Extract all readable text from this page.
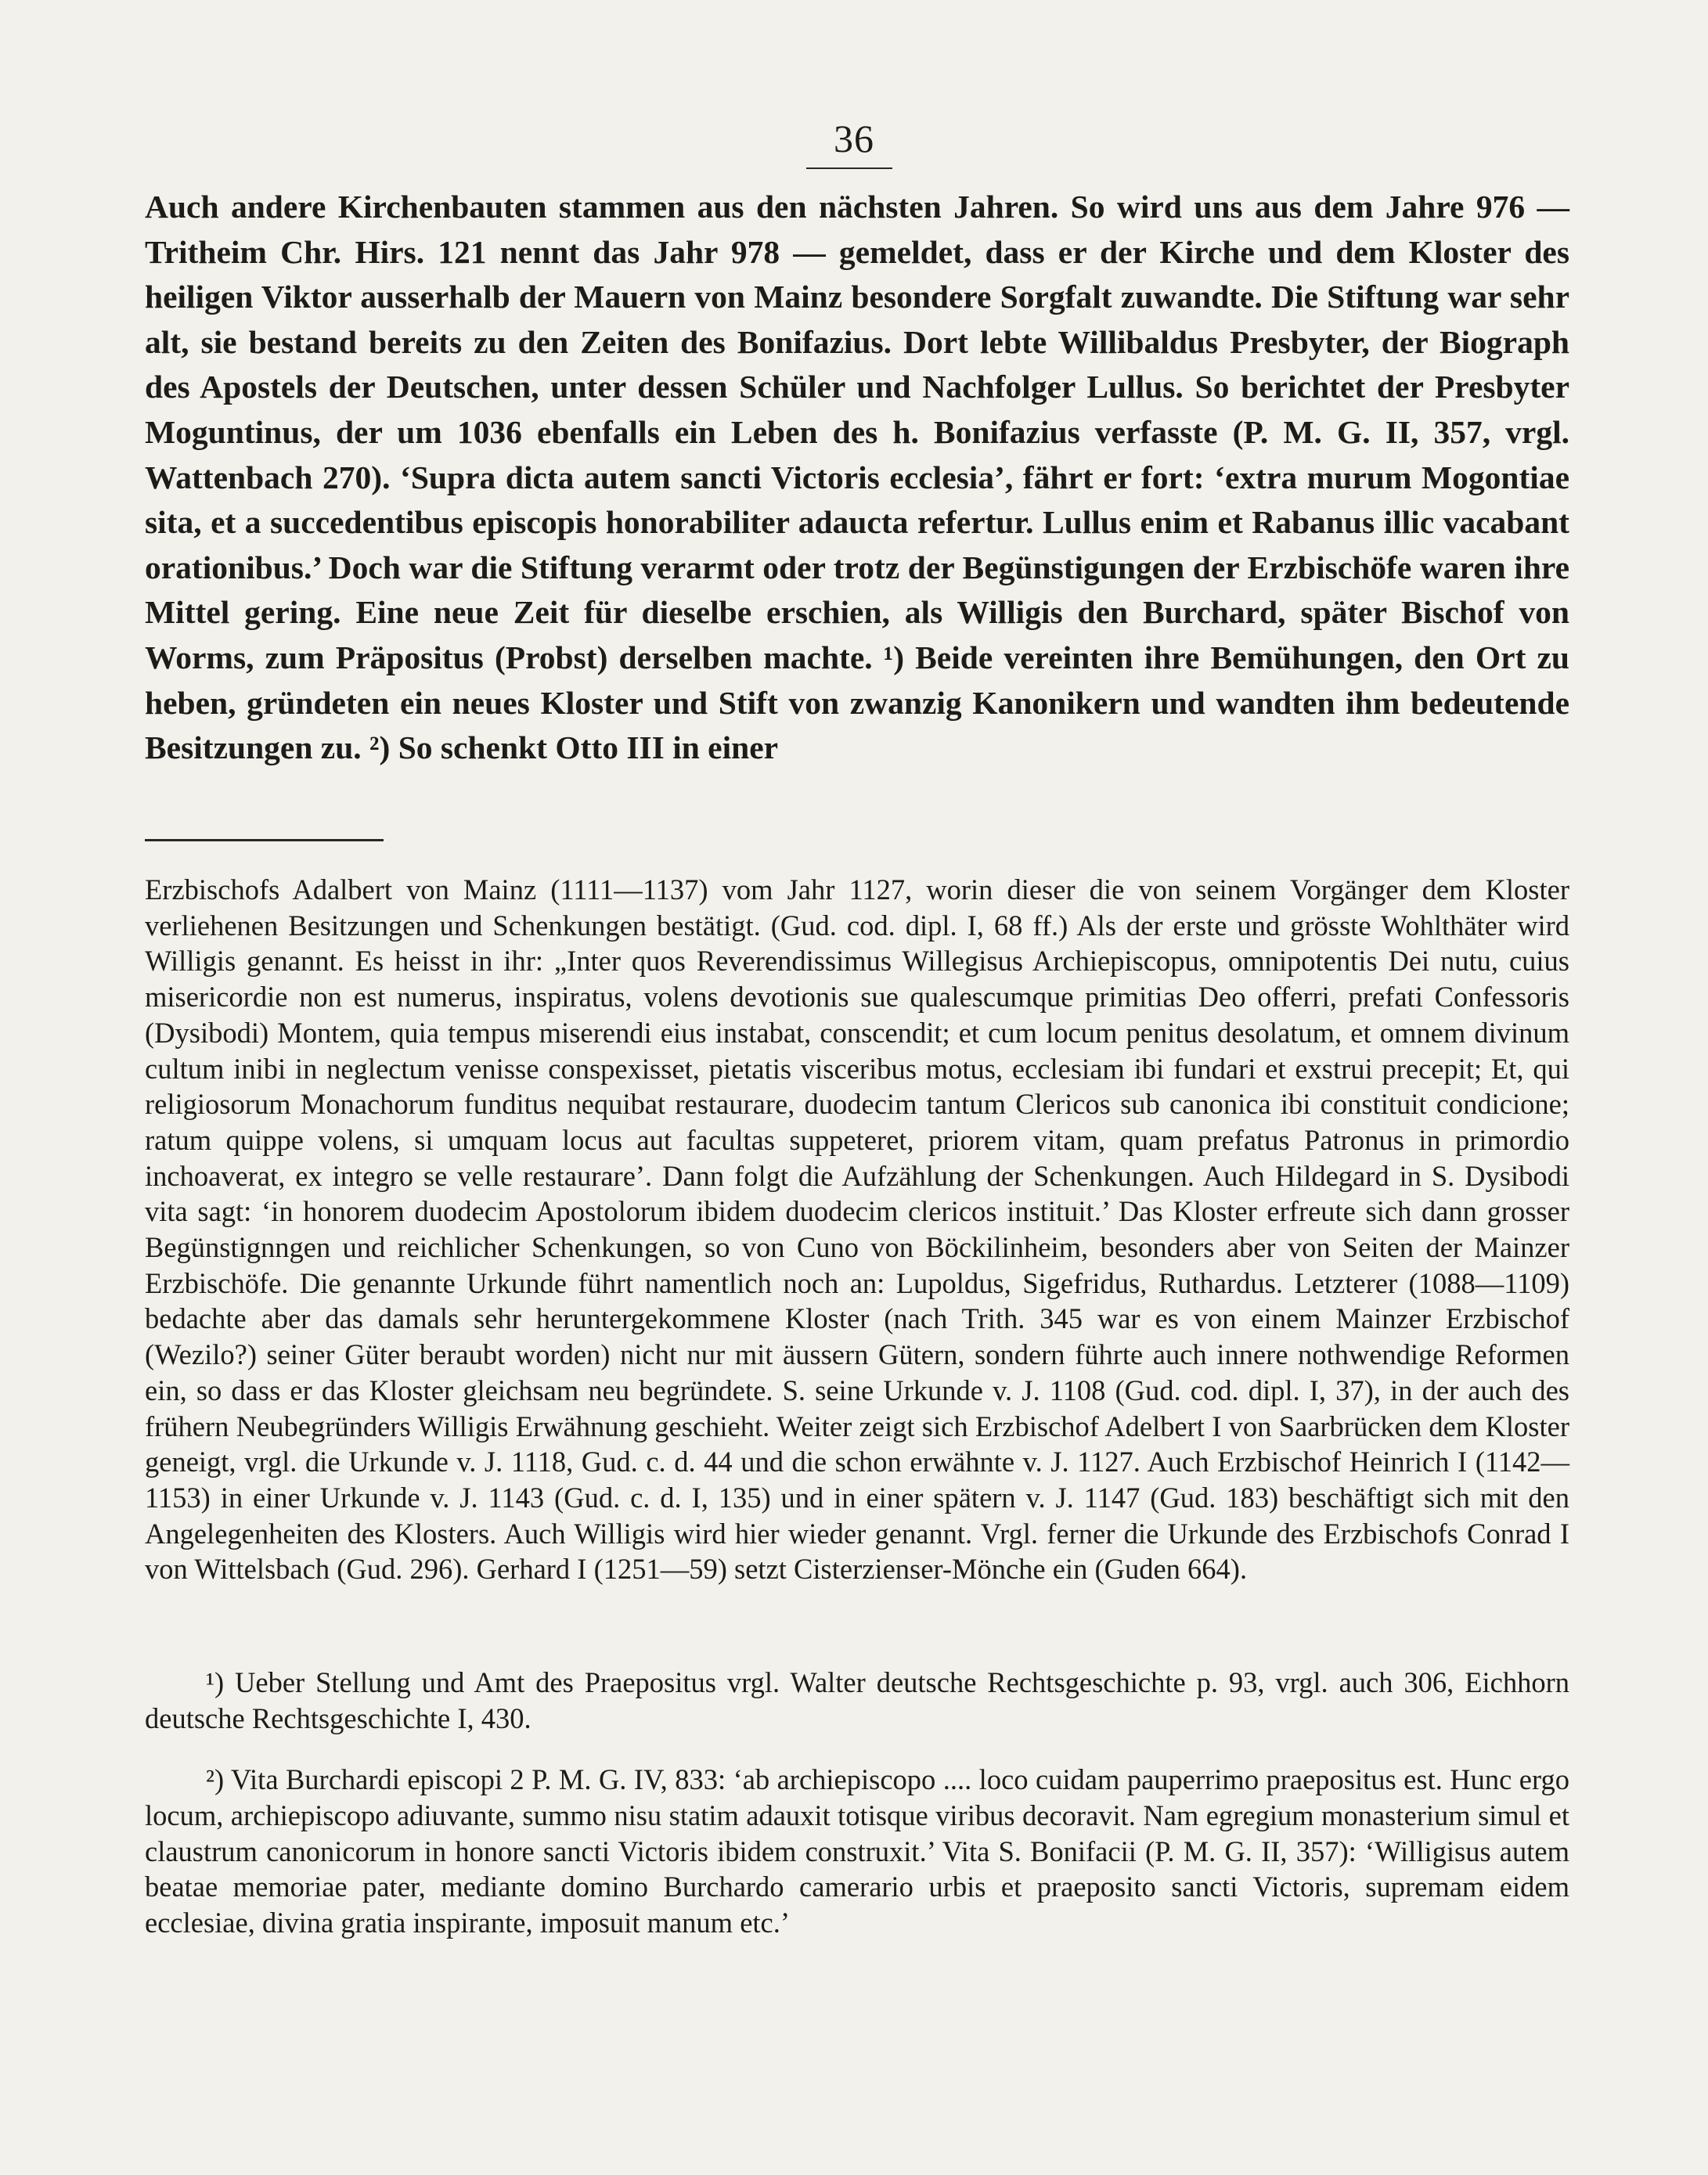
36

Auch andere Kirchenbauten stammen aus den nächsten Jahren. So wird uns aus dem Jahre 976 — Tritheim Chr. Hirs. 121 nennt das Jahr 978 — gemeldet, dass er der Kirche und dem Kloster des heiligen Viktor ausserhalb der Mauern von Mainz besondere Sorgfalt zuwandte. Die Stiftung war sehr alt, sie bestand bereits zu den Zeiten des Bonifazius. Dort lebte Willibaldus Presbyter, der Biograph des Apostels der Deutschen, unter dessen Schüler und Nachfolger Lullus. So berichtet der Presbyter Moguntinus, der um 1036 ebenfalls ein Leben des h. Bonifazius verfasste (P. M. G. II, 357, vrgl. Wattenbach 270). ‘Supra dicta autem sancti Victoris ecclesia’, fährt er fort: ‘extra murum Mogontiae sita, et a succedentibus episcopis honorabiliter adaucta refertur. Lullus enim et Rabanus illic vacabant orationibus.’ Doch war die Stiftung verarmt oder trotz der Begünstigungen der Erzbischöfe waren ihre Mittel gering. Eine neue Zeit für dieselbe erschien, als Willigis den Burchard, später Bischof von Worms, zum Präpositus (Probst) derselben machte. ¹) Beide vereinten ihre Bemühungen, den Ort zu heben, gründeten ein neues Kloster und Stift von zwanzig Kanonikern und wandten ihm bedeutende Besitzungen zu. ²) So schenkt Otto III in einer

Erzbischofs Adalbert von Mainz (1111—1137) vom Jahr 1127, worin dieser die von seinem Vorgänger dem Kloster verliehenen Besitzungen und Schenkungen bestätigt. (Gud. cod. dipl. I, 68 ff.) Als der erste und grösste Wohlthäter wird Willigis genannt. Es heisst in ihr: „Inter quos Reverendissimus Willegisus Archiepiscopus, omnipotentis Dei nutu, cuius misericordie non est numerus, inspiratus, volens devotionis sue qualescumque primitias Deo offerri, prefati Confessoris (Dysibodi) Montem, quia tempus miserendi eius instabat, conscendit; et cum locum penitus desolatum, et omnem divinum cultum inibi in neglectum venisse conspexisset, pietatis visceribus motus, ecclesiam ibi fundari et exstrui precepit; Et, qui religiosorum Monachorum funditus nequibat restaurare, duodecim tantum Clericos sub canonica ibi constituit condicione; ratum quippe volens, si umquam locus aut facultas suppeteret, priorem vitam, quam prefatus Patronus in primordio inchoaverat, ex integro se velle restaurare’. Dann folgt die Aufzählung der Schenkungen. Auch Hildegard in S. Dysibodi vita sagt: ‘in honorem duodecim Apostolorum ibidem duodecim clericos instituit.’ Das Kloster erfreute sich dann grosser Begünstignngen und reichlicher Schenkungen, so von Cuno von Böckilinheim, besonders aber von Seiten der Mainzer Erzbischöfe. Die genannte Urkunde führt namentlich noch an: Lupoldus, Sigefridus, Ruthardus. Letzterer (1088—1109) bedachte aber das damals sehr heruntergekommene Kloster (nach Trith. 345 war es von einem Mainzer Erzbischof (Wezilo?) seiner Güter beraubt worden) nicht nur mit äussern Gütern, sondern führte auch innere nothwendige Reformen ein, so dass er das Kloster gleichsam neu begründete. S. seine Urkunde v. J. 1108 (Gud. cod. dipl. I, 37), in der auch des frühern Neubegründers Willigis Erwähnung geschieht. Weiter zeigt sich Erzbischof Adelbert I von Saarbrücken dem Kloster geneigt, vrgl. die Urkunde v. J. 1118, Gud. c. d. 44 und die schon erwähnte v. J. 1127. Auch Erzbischof Heinrich I (1142—1153) in einer Urkunde v. J. 1143 (Gud. c. d. I, 135) und in einer spätern v. J. 1147 (Gud. 183) beschäftigt sich mit den Angelegenheiten des Klosters. Auch Willigis wird hier wieder genannt. Vrgl. ferner die Urkunde des Erzbischofs Conrad I von Wittelsbach (Gud. 296). Gerhard I (1251—59) setzt Cisterzienser-Mönche ein (Guden 664).

¹) Ueber Stellung und Amt des Praepositus vrgl. Walter deutsche Rechtsgeschichte p. 93, vrgl. auch 306, Eichhorn deutsche Rechtsgeschichte I, 430.

²) Vita Burchardi episcopi 2 P. M. G. IV, 833: ‘ab archiepiscopo .... loco cuidam pauperrimo praepositus est. Hunc ergo locum, archiepiscopo adiuvante, summo nisu statim adauxit totisque viribus decoravit. Nam egregium monasterium simul et claustrum canonicorum in honore sancti Victoris ibidem construxit.’ Vita S. Bonifacii (P. M. G. II, 357): ‘Willigisus autem beatae memoriae pater, mediante domino Burchardo camerario urbis et praeposito sancti Victoris, supremam eidem ecclesiae, divina gratia inspirante, imposuit manum etc.’
